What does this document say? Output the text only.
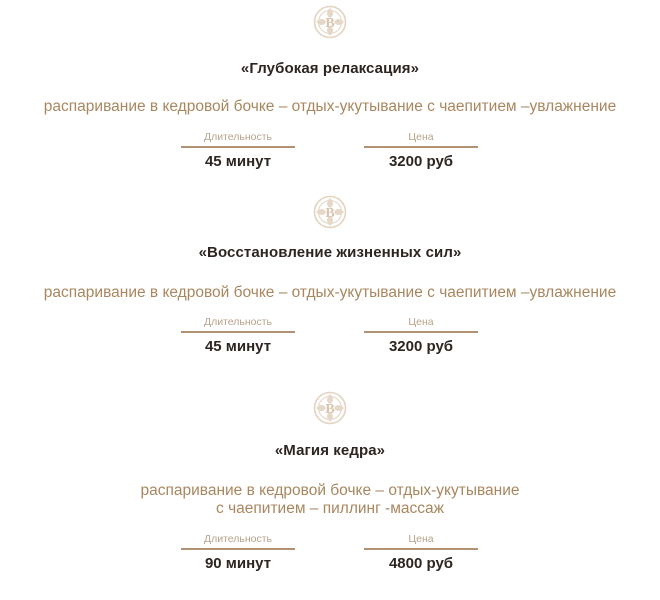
«Глубокая релаксация»
распаривание в кедровой бочке – отдых-укутывание с чаепитием –увлажнение
Длительность
45 минут
Цена
3200 руб
«Восстановление жизненных сил»
распаривание в кедровой бочке – отдых-укутывание с чаепитием –увлажнение
Длительность
45 минут
Цена
3200 руб
«Магия кедра»
распаривание в кедровой бочке – отдых-укутывание
с чаепитием – пиллинг -массаж
Длительность
90 минут
Цена
4800 руб
